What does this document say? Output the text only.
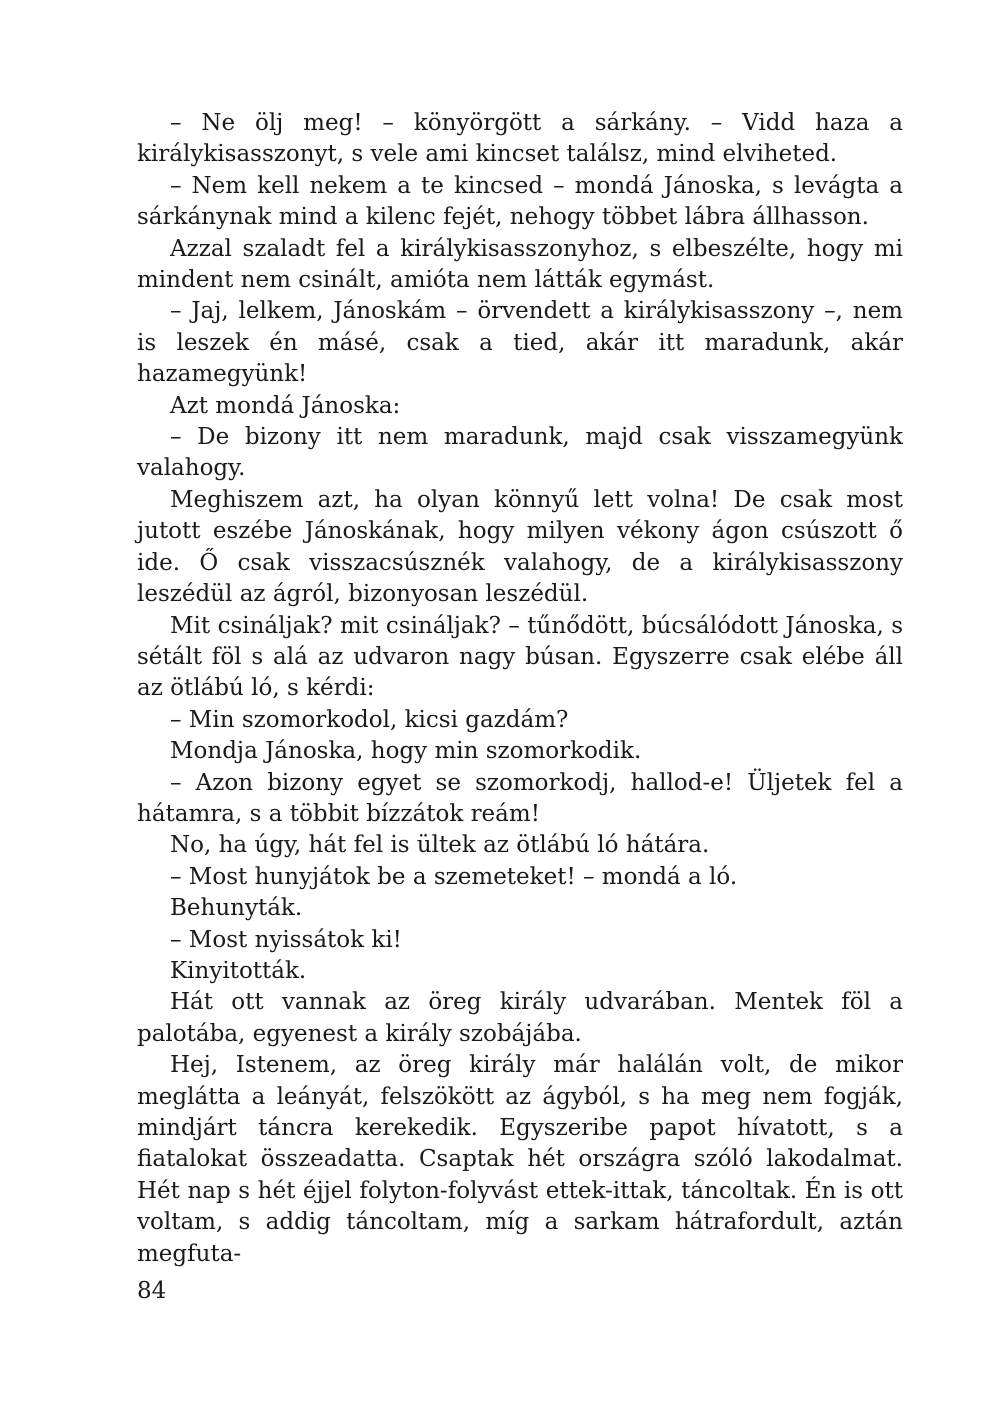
– Ne ölj meg! – könyörgött a sárkány. – Vidd haza a királykisasszonyt, s vele ami kincset találsz, mind elviheted.

– Nem kell nekem a te kincsed – mondá Jánoska, s levágta a sárkánynak mind a kilenc fejét, nehogy többet lábra állhasson.

Azzal szaladt fel a királykisasszonyhoz, s elbeszélte, hogy mi mindent nem csinált, amióta nem látták egymást.

– Jaj, lelkem, Jánoskám – örvendett a királykisasszony –, nem is leszek én másé, csak a tied, akár itt maradunk, akár hazamegyünk!

Azt mondá Jánoska:

– De bizony itt nem maradunk, majd csak visszamegyünk valahogy.

Meghiszem azt, ha olyan könnyű lett volna! De csak most jutott eszébe Jánoskának, hogy milyen vékony ágon csúszott ő ide. Ő csak visszacsúsznék valahogy, de a királykisasszony leszédül az ágról, bizonyosan leszédül.

Mit csináljak? mit csináljak? – tűnődött, búcsálódott Jánoska, s sétált föl s alá az udvaron nagy búsan. Egyszerre csak elébe áll az ötlábú ló, s kérdi:

– Min szomorkodol, kicsi gazdám?

Mondja Jánoska, hogy min szomorkodik.

– Azon bizony egyet se szomorkodj, hallod-e! Üljetek fel a hátamra, s a többit bízzátok reám!

No, ha úgy, hát fel is ültek az ötlábú ló hátára.

– Most hunyjátok be a szemeteket! – mondá a ló.

Behunyták.

– Most nyissátok ki!

Kinyitották.

Hát ott vannak az öreg király udvarában. Mentek föl a palotába, egyenest a király szobájába.

Hej, Istenem, az öreg király már halálán volt, de mikor meglátta a leányát, felszökött az ágyból, s ha meg nem fogják, mindjárt táncra kerekedik. Egyszeribe papot hívatott, s a fiatalokat összeadatta. Csaptak hét országra szóló lakodalmat. Hét nap s hét éjjel folyton-folyvást ettek-ittak, táncoltak. Én is ott voltam, s addig táncoltam, míg a sarkam hátrafordult, aztán megfuta-

84
